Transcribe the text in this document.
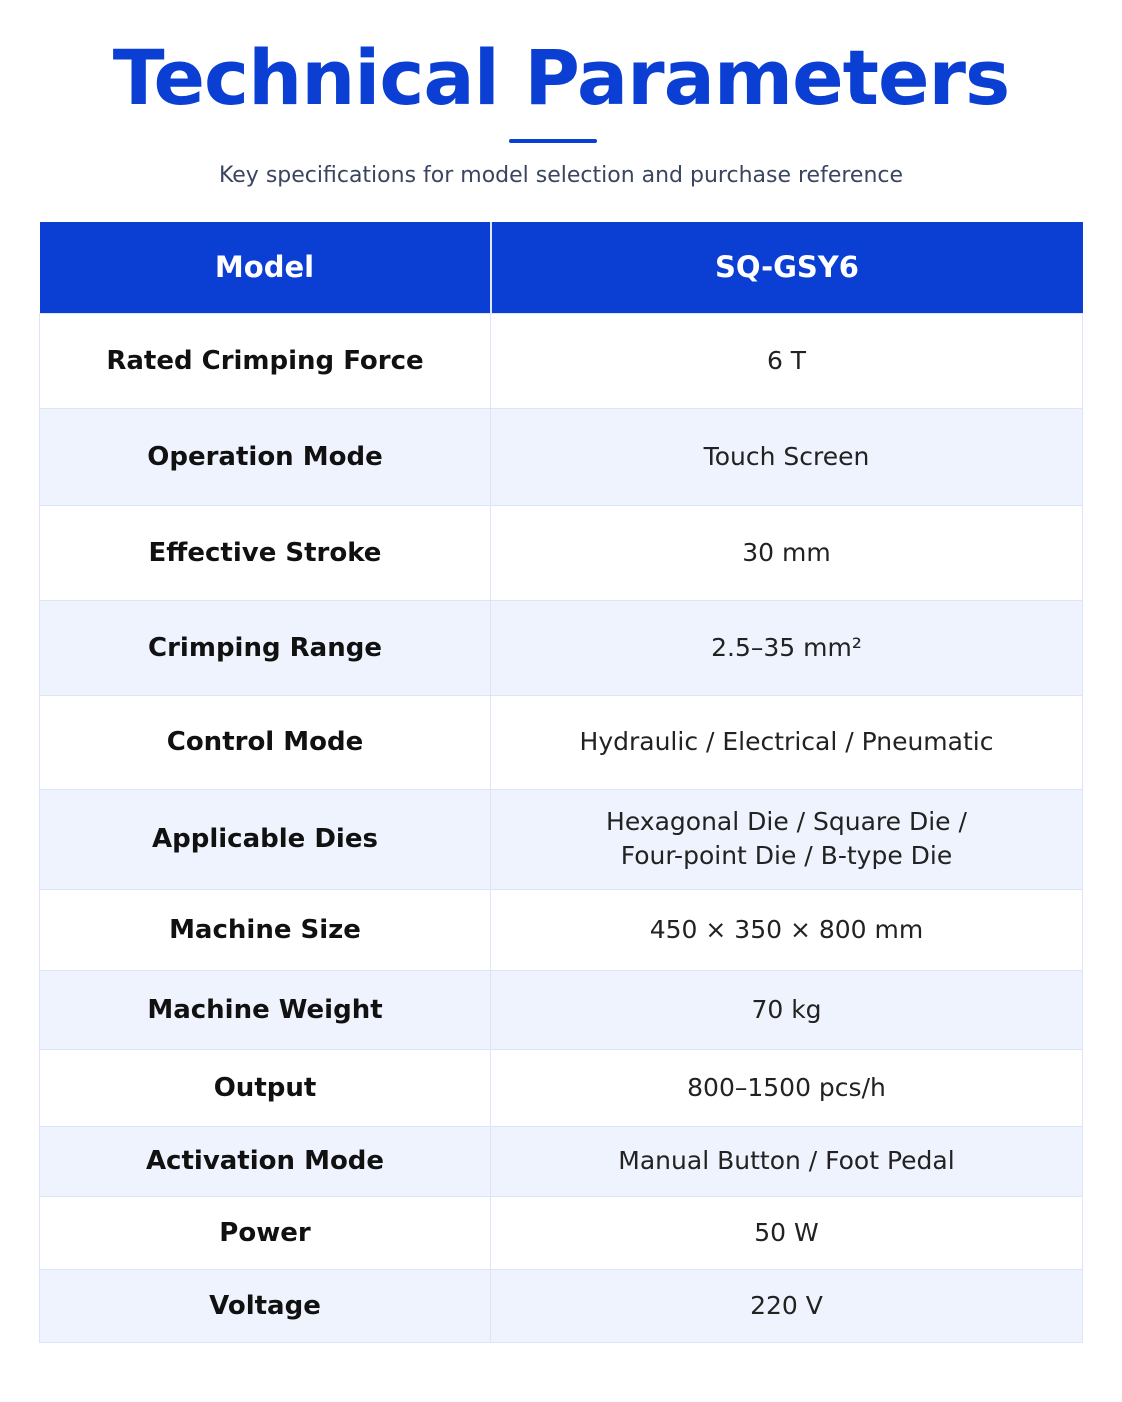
Technical Parameters

Key specifications for model selection and purchase reference

Model	SQ-GSY6
Rated Crimping Force	6 T
Operation Mode	Touch Screen
Effective Stroke	30 mm
Crimping Range	2.5–35 mm²
Control Mode	Hydraulic / Electrical / Pneumatic
Applicable Dies	Hexagonal Die / Square Die /
Four-point Die / B-type Die

Machine Size	450 × 350 × 800 mm
Machine Weight	70 kg
Output	800–1500 pcs/h
Activation Mode	Manual Button / Foot Pedal
Power	50 W
Voltage	220 V
